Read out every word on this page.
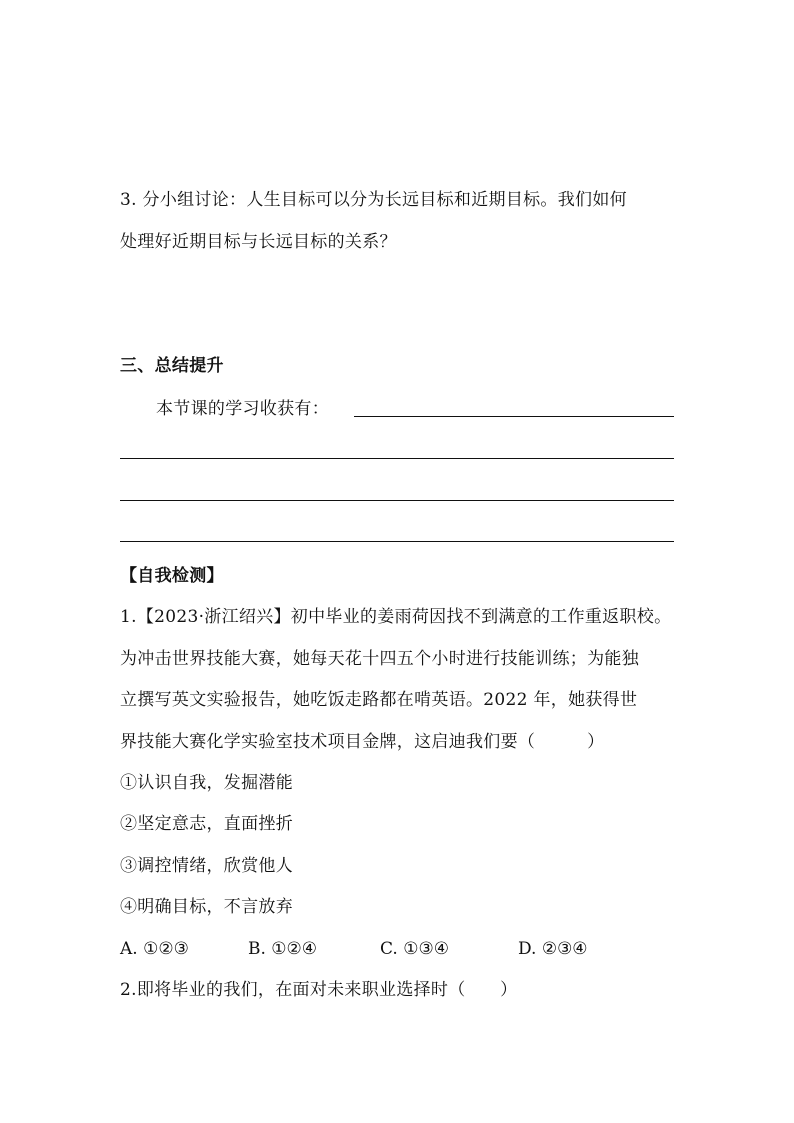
3. 分小组讨论：人生目标可以分为长远目标和近期目标。我们如何
处理好近期目标与长远目标的关系？
三、总结提升
本节课的学习收获有：
【自我检测】
1.【2023·浙江绍兴】初中毕业的姜雨荷因找不到满意的工作重返职校。
为冲击世界技能大赛，她每天花十四五个小时进行技能训练；为能独
立撰写英文实验报告，她吃饭走路都在啃英语。2022 年，她获得世
界技能大赛化学实验室技术项目金牌，这启迪我们要（　　　）
①认识自我，发掘潜能
②坚定意志，直面挫折
③调控情绪，欣赏他人
④明确目标，不言放弃
A. ①②③	B. ①②④	C. ①③④	D. ②③④
2.即将毕业的我们，在面对未来职业选择时（　　）
